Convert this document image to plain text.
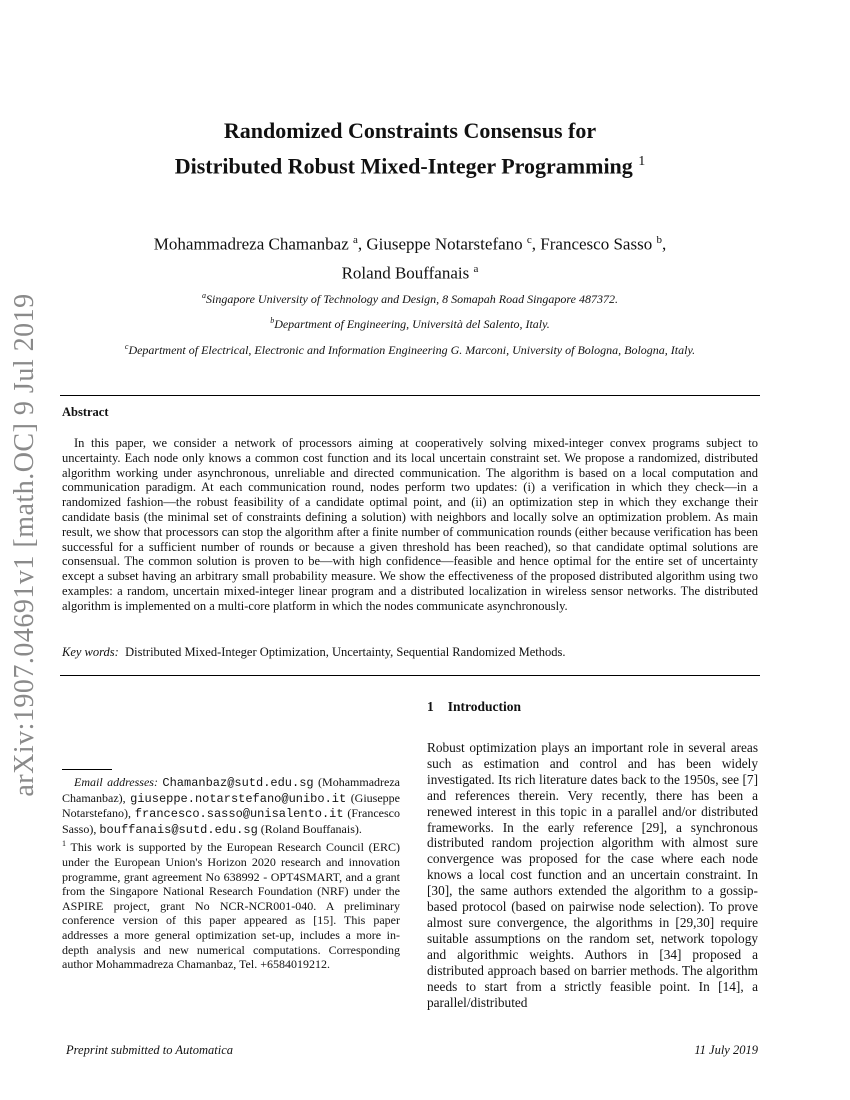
arXiv:1907.04691v1 [math.OC] 9 Jul 2019
Randomized Constraints Consensus for
Distributed Robust Mixed-Integer Programming $^1$
Mohammadreza Chamanbaz $^a$, Giuseppe Notarstefano $^c$, Francesco Sasso $^b$,
Roland Bouffanais $^a$
$^a$Singapore University of Technology and Design, 8 Somapah Road Singapore 487372.
$^b$Department of Engineering, Università del Salento, Italy.
$^c$Department of Electrical, Electronic and Information Engineering G. Marconi, University of Bologna, Bologna, Italy.
Abstract

In this paper, we consider a network of processors aiming at cooperatively solving mixed-integer convex programs subject to uncertainty. Each node only knows a common cost function and its local uncertain constraint set. We propose a randomized, distributed algorithm working under asynchronous, unreliable and directed communication. The algorithm is based on a local computation and communication paradigm. At each communication round, nodes perform two updates: (i) a verification in which they check—in a randomized fashion—the robust feasibility of a candidate optimal point, and (ii) an optimization step in which they exchange their candidate basis (the minimal set of constraints defining a solution) with neighbors and locally solve an optimization problem. As main result, we show that processors can stop the algorithm after a finite number of communication rounds (either because verification has been successful for a sufficient number of rounds or because a given threshold has been reached), so that candidate optimal solutions are consensual. The common solution is proven to be—with high confidence—feasible and hence optimal for the entire set of uncertainty except a subset having an arbitrary small probability measure. We show the effectiveness of the proposed distributed algorithm using two examples: a random, uncertain mixed-integer linear program and a distributed localization in wireless sensor networks. The distributed algorithm is implemented on a multi-core platform in which the nodes communicate asynchronously.

Key words: Distributed Mixed-Integer Optimization, Uncertainty, Sequential Randomized Methods.
1 Introduction

Robust optimization plays an important role in several areas such as estimation and control and has been widely investigated. Its rich literature dates back to the 1950s, see [7] and references therein. Very recently, there has been a renewed interest in this topic in a parallel and/or distributed frameworks. In the early reference [29], a synchronous distributed random projection algorithm with almost sure convergence was proposed for the case where each node knows a local cost function and an uncertain constraint. In [30], the same authors extended the algorithm to a gossip-based protocol (based on pairwise node selection). To prove almost sure convergence, the algorithms in [29,30] require suitable assumptions on the random set, network topology and algorithmic weights. Authors in [34] proposed a distributed approach based on barrier methods. The algorithm needs to start from a strictly feasible point. In [14], a parallel/distributed

Email addresses: Chamanbaz@sutd.edu.sg (Mohammadreza Chamanbaz), giuseppe.notarstefano@unibo.it (Giuseppe Notarstefano), francesco.sasso@unisalento.it (Francesco Sasso), bouffanais@sutd.edu.sg (Roland Bouffanais).

$^1$ This work is supported by the European Research Council (ERC) under the European Union's Horizon 2020 research and innovation programme, grant agreement No 638992 - OPT4SMART, and a grant from the Singapore National Research Foundation (NRF) under the ASPIRE project, grant No NCR-NCR001-040. A preliminary conference version of this paper appeared as [15]. This paper addresses a more general optimization set-up, includes a more in-depth analysis and new numerical computations. Corresponding author Mohammadreza Chamanbaz, Tel. +6584019212.

Preprint submitted to Automatica	11 July 2019
